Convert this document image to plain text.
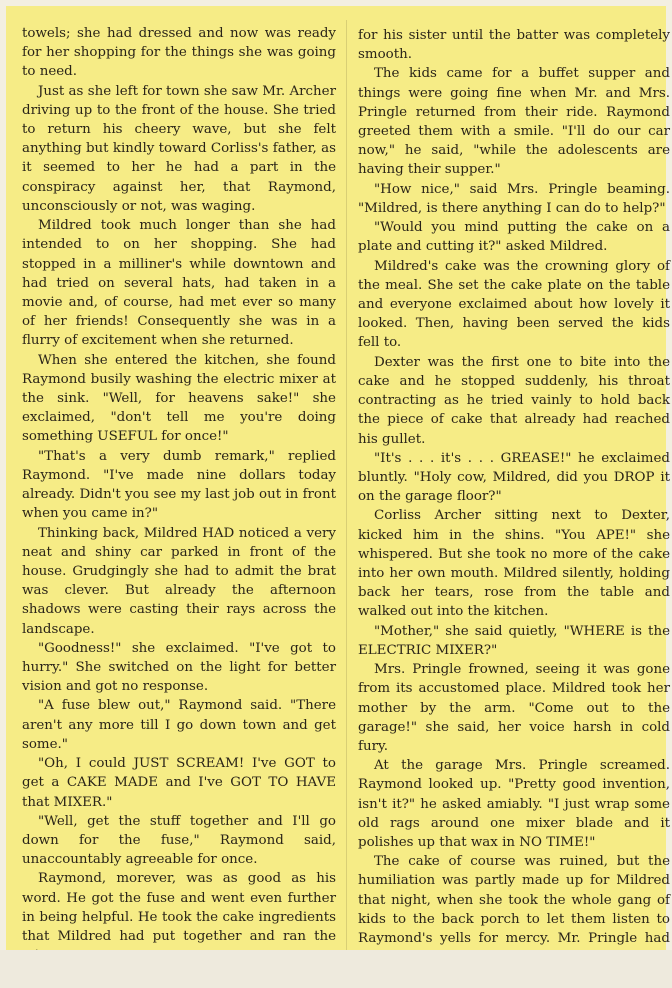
towels; she had dressed and now was ready for her shopping for the things she was going to need.

Just as she left for town she saw Mr. Archer driving up to the front of the house. She tried to return his cheery wave, but she felt anything but kindly toward Corliss's father, as it seemed to her he had a part in the conspiracy against her, that Raymond, unconsciously or not, was waging.

Mildred took much longer than she had intended to on her shopping. She had stopped in a milliner's while downtown and had tried on several hats, had taken in a movie and, of course, had met ever so many of her friends! Consequently she was in a flurry of excitement when she returned.

When she entered the kitchen, she found Raymond busily washing the electric mixer at the sink. "Well, for heavens sake!" she exclaimed, "don't tell me you're doing something USEFUL for once!"

"That's a very dumb remark," replied Raymond. "I've made nine dollars today already. Didn't you see my last job out in front when you came in?"

Thinking back, Mildred HAD noticed a very neat and shiny car parked in front of the house. Grudgingly she had to admit the brat was clever. But already the afternoon shadows were casting their rays across the landscape.

"Goodness!" she exclaimed. "I've got to hurry." She switched on the light for better vision and got no response.

"A fuse blew out," Raymond said. "There aren't any more till I go down town and get some."

"Oh, I could JUST SCREAM! I've GOT to get a CAKE MADE and I've GOT TO HAVE that MIXER."

"Well, get the stuff together and I'll go down for the fuse," Raymond said, unaccountably agreeable for once.

Raymond, morever, was as good as his word. He got the fuse and went even further in being helpful. He took the cake ingredients that Mildred had put together and ran the

for his sister until the batter was completely smooth.

The kids came for a buffet supper and things were going fine when Mr. and Mrs. Pringle returned from their ride. Raymond greeted them with a smile. "I'll do our car now," he said, "while the adolescents are having their supper."

"How nice," said Mrs. Pringle beaming. "Mildred, is there anything I can do to help?"

"Would you mind putting the cake on a plate and cutting it?" asked Mildred.

Mildred's cake was the crowning glory of the meal. She set the cake plate on the table and everyone exclaimed about how lovely it looked. Then, having been served the kids fell to.

Dexter was the first one to bite into the cake and he stopped suddenly, his throat contracting as he tried vainly to hold back the piece of cake that already had reached his gullet.

"It's . . . it's . . . GREASE!" he exclaimed bluntly. "Holy cow, Mildred, did you DROP it on the garage floor?"

Corliss Archer sitting next to Dexter, kicked him in the shins. "You APE!" she whispered. But she took no more of the cake into her own mouth. Mildred silently, holding back her tears, rose from the table and walked out into the kitchen.

"Mother," she said quietly, "WHERE is the ELECTRIC MIXER?"

Mrs. Pringle frowned, seeing it was gone from its accustomed place. Mildred took her mother by the arm. "Come out to the garage!" she said, her voice harsh in cold fury.

At the garage Mrs. Pringle screamed. Raymond looked up. "Pretty good invention, isn't it?" he asked amiably. "I just wrap some old rags around one mixer blade and it polishes up that wax in NO TIME!"

The cake of course was ruined, but the humiliation was partly made up for Mildred that night, when she took the whole gang of kids to the back porch to let them listen to Raymond's yells for mercy. Mr. Pringle had
